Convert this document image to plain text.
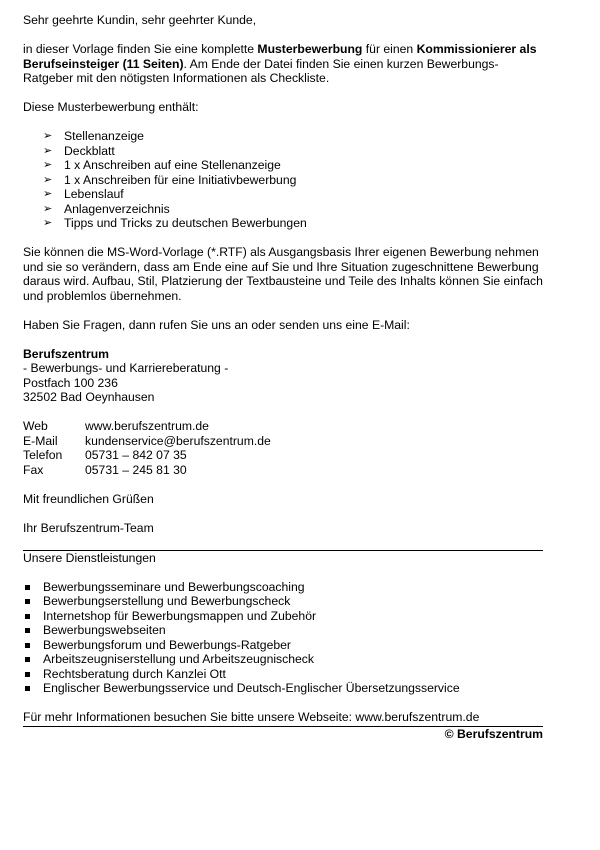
Sehr geehrte Kundin, sehr geehrter Kunde,

in dieser Vorlage finden Sie eine komplette Musterbewerbung für einen Kommissionierer als Berufseinsteiger (11 Seiten). Am Ende der Datei finden Sie einen kurzen Bewerbungs-Ratgeber mit den nötigsten Informationen als Checkliste.

Diese Musterbewerbung enthält:

➢ Stellenanzeige
➢ Deckblatt
➢ 1 x Anschreiben auf eine Stellenanzeige
➢ 1 x Anschreiben für eine Initiativbewerbung
➢ Lebenslauf
➢ Anlagenverzeichnis
➢ Tipps und Tricks zu deutschen Bewerbungen

Sie können die MS-Word-Vorlage (*.RTF) als Ausgangsbasis Ihrer eigenen Bewerbung nehmen und sie so verändern, dass am Ende eine auf Sie und Ihre Situation zugeschnittene Bewerbung daraus wird. Aufbau, Stil, Platzierung der Textbausteine und Teile des Inhalts können Sie einfach und problemlos übernehmen.

Haben Sie Fragen, dann rufen Sie uns an oder senden uns eine E-Mail:

Berufszentrum

- Bewerbungs- und Karriereberatung -

Postfach 100 236

32502 Bad Oeynhausen

Web	www.berufszentrum.de
E-Mail	kundenservice@berufszentrum.de
Telefon	05731 – 842 07 35
Fax	05731 – 245 81 30

Mit freundlichen Grüßen

Ihr Berufszentrum-Team

Unsere Dienstleistungen

Bewerbungsseminare und Bewerbungscoaching
Bewerbungserstellung und Bewerbungscheck
Internetshop für Bewerbungsmappen und Zubehör
Bewerbungswebseiten
Bewerbungsforum und Bewerbungs-Ratgeber
Arbeitszeugniserstellung und Arbeitszeugnischeck
Rechtsberatung durch Kanzlei Ott
Englischer Bewerbungsservice und Deutsch-Englischer Übersetzungsservice

Für mehr Informationen besuchen Sie bitte unsere Webseite: www.berufszentrum.de

© Berufszentrum
